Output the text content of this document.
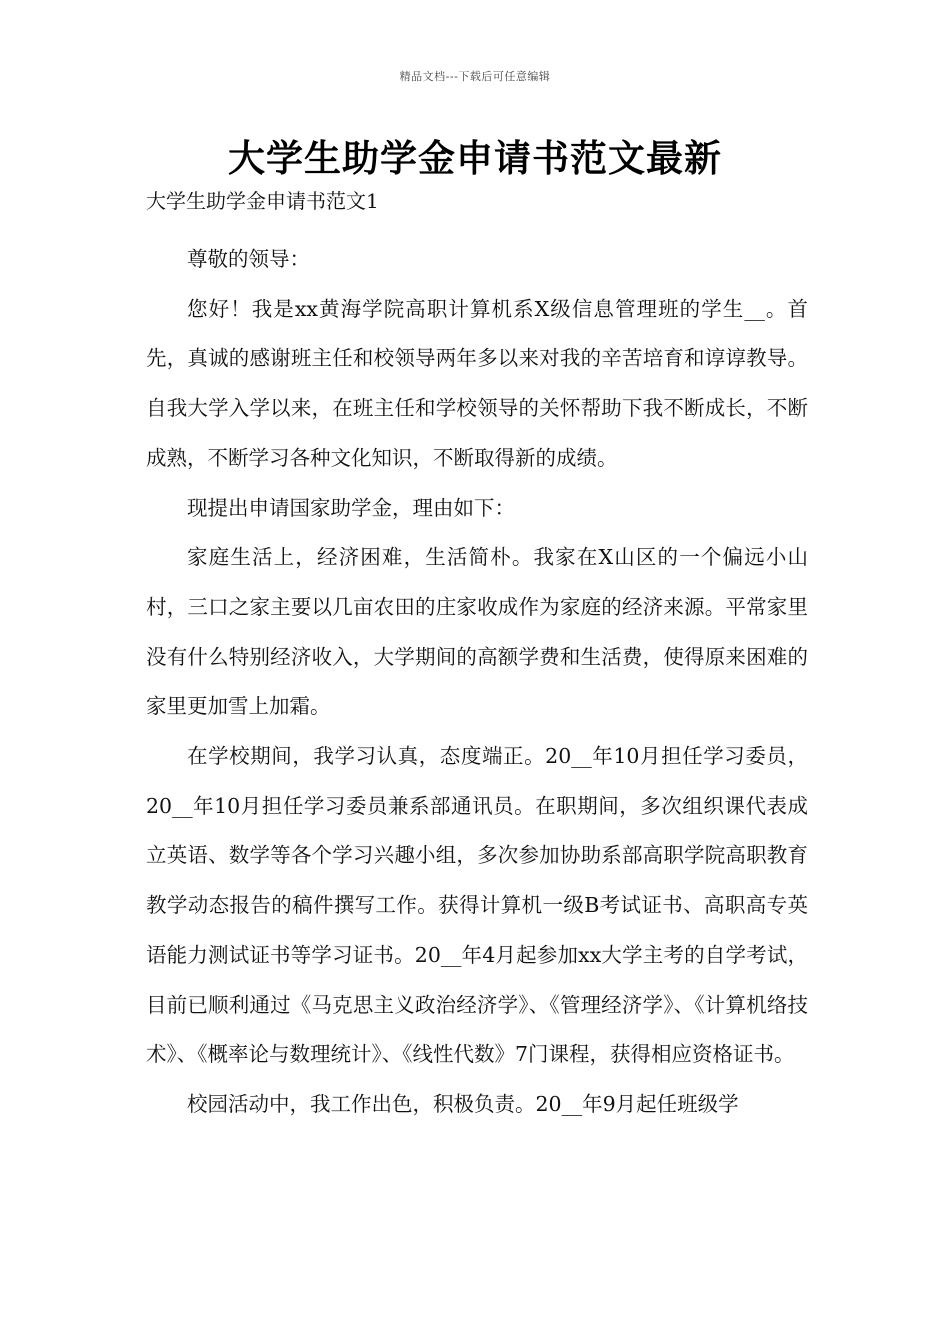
精品文档---下载后可任意编辑
大学生助学金申请书范文最新
大学生助学金申请书范文1

尊敬的领导：

您好！我是xx黄海学院高职计算机系X级信息管理班的学生__。首先，真诚的感谢班主任和校领导两年多以来对我的辛苦培育和谆谆教导。自我大学入学以来，在班主任和学校领导的关怀帮助下我不断成长，不断成熟，不断学习各种文化知识，不断取得新的成绩。

现提出申请国家助学金，理由如下：

家庭生活上，经济困难，生活简朴。我家在X山区的一个偏远小山村，三口之家主要以几亩农田的庄家收成作为家庭的经济来源。平常家里没有什么特别经济收入，大学期间的高额学费和生活费，使得原来困难的家里更加雪上加霜。

在学校期间，我学习认真，态度端正。20__年10月担任学习委员，20__年10月担任学习委员兼系部通讯员。在职期间，多次组织课代表成立英语、数学等各个学习兴趣小组，多次参加协助系部高职学院高职教育教学动态报告的稿件撰写工作。获得计算机一级B考试证书、高职高专英语能力测试证书等学习证书。20__年4月起参加xx大学主考的自学考试，目前已顺利通过《马克思主义政治经济学》、《管理经济学》、《计算机络技术》、《概率论与数理统计》、《线性代数》7门课程，获得相应资格证书。

校园活动中，我工作出色，积极负责。20__年9月起任班级学
